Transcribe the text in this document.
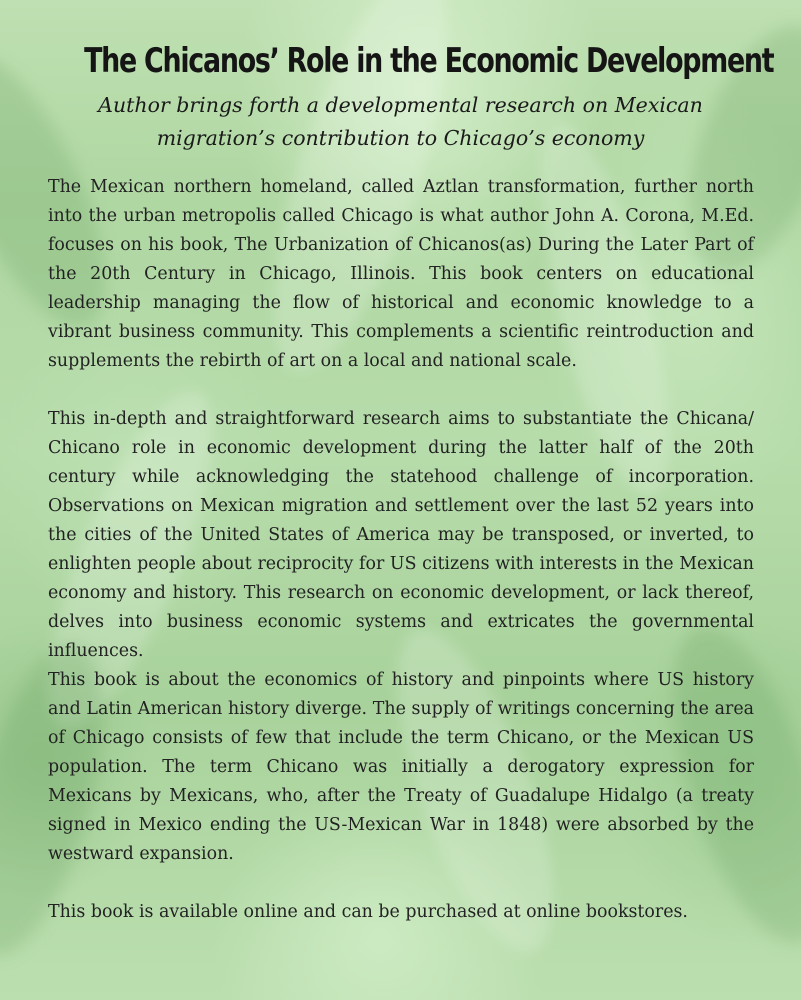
The Chicanos’ Role in the Economic Development

Author brings forth a developmental research on Mexican migration’s contribution to Chicago’s economy

The Mexican northern homeland, called Aztlan transformation, further north into the urban metropolis called Chicago is what author John A. Corona, M.Ed. focuses on his book, The Urbanization of Chicanos(as) During the Later Part of the 20th Century in Chicago, Illinois. This book centers on educational leadership managing the flow of historical and economic knowledge to a vibrant business community. This complements a scientific reintroduction and supplements the rebirth of art on a local and national scale.

This in-depth and straightforward research aims to substantiate the Chicana/ Chicano role in economic development during the latter half of the 20th century while acknowledging the statehood challenge of incorporation. Observations on Mexican migration and settlement over the last 52 years into the cities of the United States of America may be transposed, or inverted, to enlighten people about reciprocity for US citizens with interests in the Mexican economy and history. This research on economic development, or lack thereof, delves into business economic systems and extricates the governmental influences.

This book is about the economics of history and pinpoints where US history and Latin American history diverge. The supply of writings concerning the area of Chicago consists of few that include the term Chicano, or the Mexican US population. The term Chicano was initially a derogatory expression for Mexicans by Mexicans, who, after the Treaty of Guadalupe Hidalgo (a treaty signed in Mexico ending the US-Mexican War in 1848) were absorbed by the westward expansion.

This book is available online and can be purchased at online bookstores.
